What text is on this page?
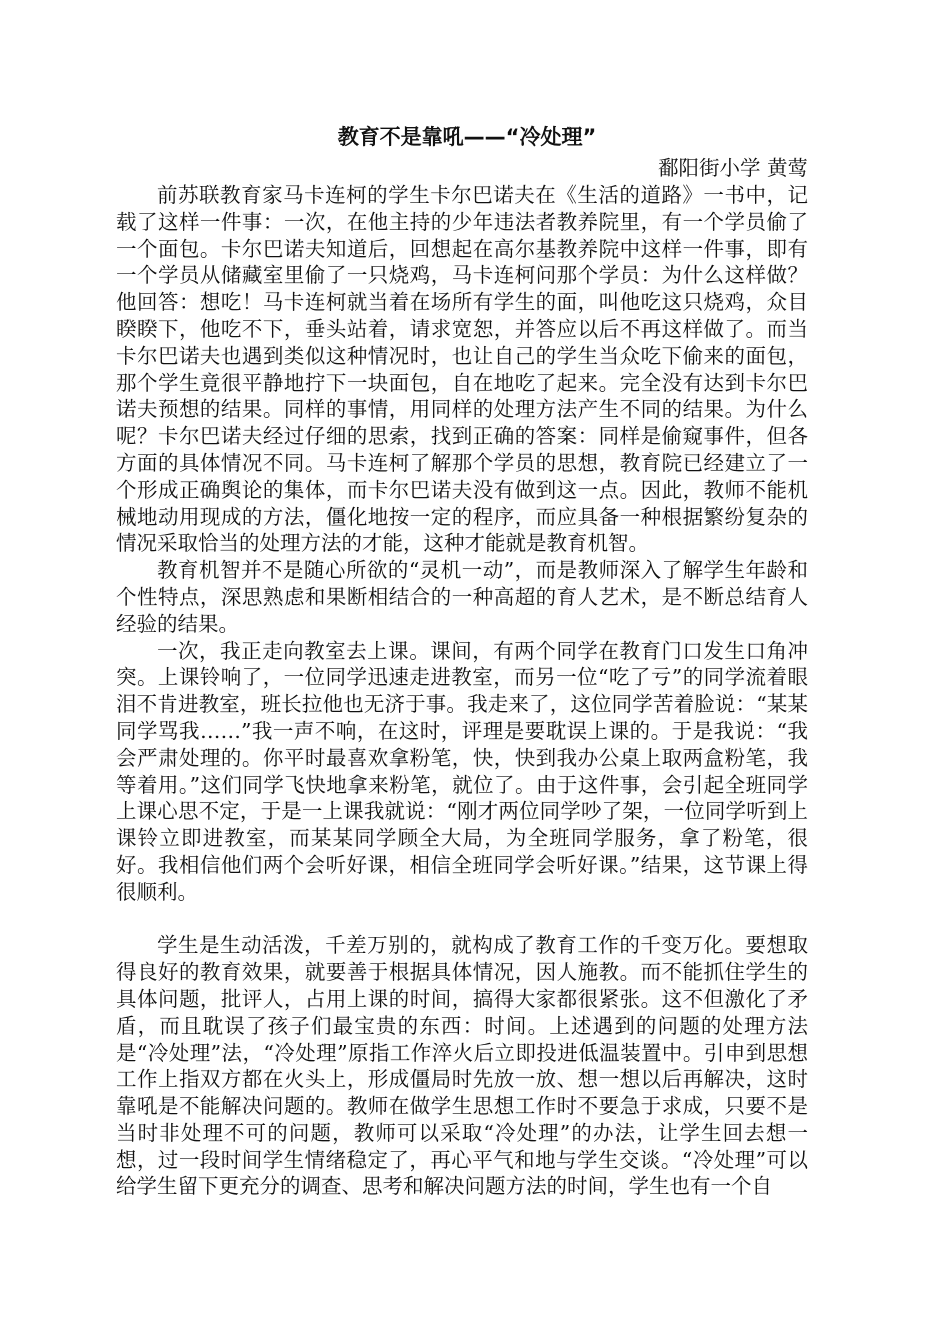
教育不是靠吼——“冷处理”

鄱阳街小学 黄莺

前苏联教育家马卡连柯的学生卡尔巴诺夫在《生活的道路》一书中，记载了这样一件事：一次，在他主持的少年违法者教养院里，有一个学员偷了一个面包。卡尔巴诺夫知道后，回想起在高尔基教养院中这样一件事，即有一个学员从储藏室里偷了一只烧鸡，马卡连柯问那个学员：为什么这样做？他回答：想吃！马卡连柯就当着在场所有学生的面，叫他吃这只烧鸡，众目睽睽下，他吃不下，垂头站着，请求宽恕，并答应以后不再这样做了。而当卡尔巴诺夫也遇到类似这种情况时，也让自己的学生当众吃下偷来的面包，那个学生竟很平静地拧下一块面包，自在地吃了起来。完全没有达到卡尔巴诺夫预想的结果。同样的事情，用同样的处理方法产生不同的结果。为什么呢？卡尔巴诺夫经过仔细的思索，找到正确的答案：同样是偷窥事件，但各方面的具体情况不同。马卡连柯了解那个学员的思想，教育院已经建立了一个形成正确舆论的集体，而卡尔巴诺夫没有做到这一点。因此，教师不能机械地动用现成的方法，僵化地按一定的程序，而应具备一种根据繁纷复杂的情况采取恰当的处理方法的才能，这种才能就是教育机智。

教育机智并不是随心所欲的“灵机一动”，而是教师深入了解学生年龄和个性特点，深思熟虑和果断相结合的一种高超的育人艺术，是不断总结育人经验的结果。

一次，我正走向教室去上课。课间，有两个同学在教育门口发生口角冲突。上课铃响了，一位同学迅速走进教室，而另一位“吃了亏”的同学流着眼泪不肯进教室，班长拉他也无济于事。我走来了，这位同学苦着脸说：“某某同学骂我……”我一声不响，在这时，评理是要耽误上课的。于是我说：“我会严肃处理的。你平时最喜欢拿粉笔，快，快到我办公桌上取两盒粉笔，我等着用。”这们同学飞快地拿来粉笔，就位了。由于这件事，会引起全班同学上课心思不定，于是一上课我就说：“刚才两位同学吵了架，一位同学听到上课铃立即进教室，而某某同学顾全大局，为全班同学服务，拿了粉笔，很好。我相信他们两个会听好课，相信全班同学会听好课。”结果，这节课上得很顺利。

学生是生动活泼，千差万别的，就构成了教育工作的千变万化。要想取得良好的教育效果，就要善于根据具体情况，因人施教。而不能抓住学生的具体问题，批评人，占用上课的时间，搞得大家都很紧张。这不但激化了矛盾，而且耽误了孩子们最宝贵的东西：时间。上述遇到的问题的处理方法是“冷处理”法，“冷处理”原指工作淬火后立即投进低温装置中。引申到思想工作上指双方都在火头上，形成僵局时先放一放、想一想以后再解决，这时靠吼是不能解决问题的。教师在做学生思想工作时不要急于求成，只要不是当时非处理不可的问题，教师可以采取“冷处理”的办法，让学生回去想一想，过一段时间学生情绪稳定了，再心平气和地与学生交谈。“冷处理”可以给学生留下更充分的调查、思考和解决问题方法的时间，学生也有一个自
